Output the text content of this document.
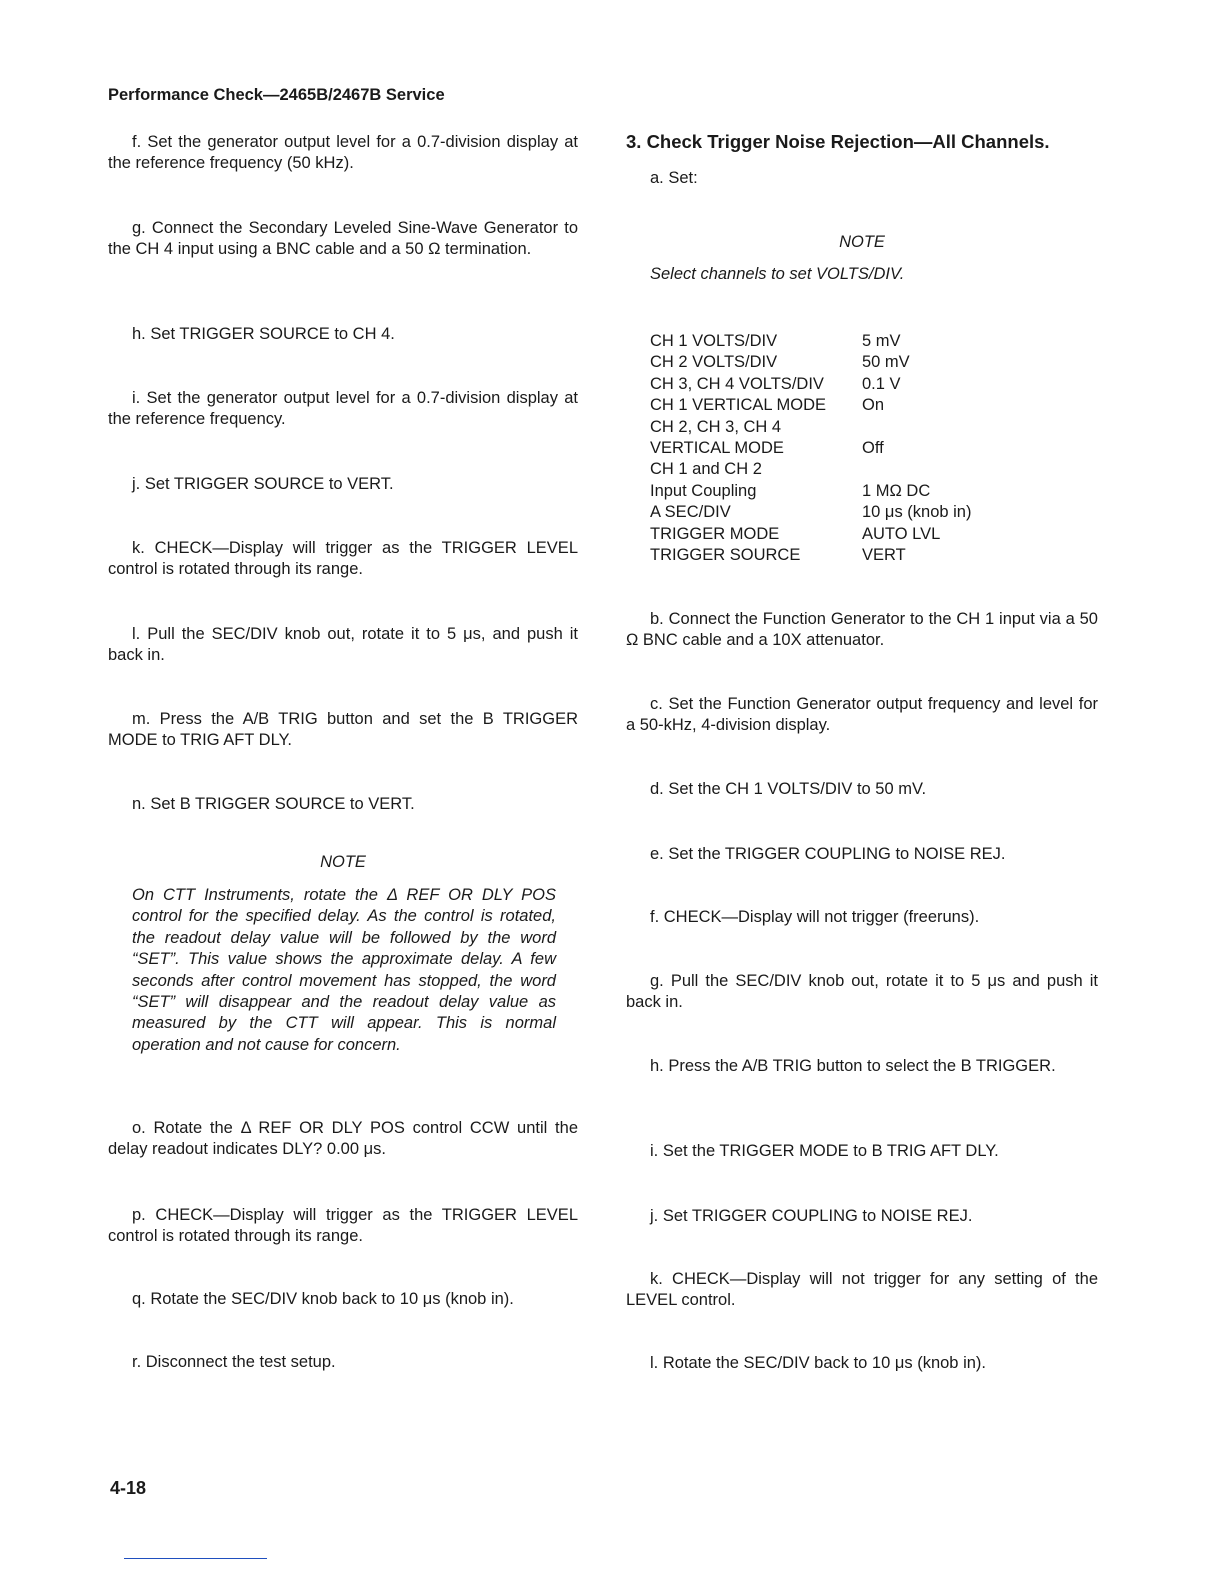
Performance Check—2465B/2467B Service
f. Set the generator output level for a 0.7-division display at the reference frequency (50 kHz).
g. Connect the Secondary Leveled Sine-Wave Generator to the CH 4 input using a BNC cable and a 50 Ω termination.
h. Set TRIGGER SOURCE to CH 4.
i. Set the generator output level for a 0.7-division display at the reference frequency.
j. Set TRIGGER SOURCE to VERT.
k. CHECK—Display will trigger as the TRIGGER LEVEL control is rotated through its range.
l. Pull the SEC/DIV knob out, rotate it to 5 μs, and push it back in.
m. Press the A/B TRIG button and set the B TRIGGER MODE to TRIG AFT DLY.
n. Set B TRIGGER SOURCE to VERT.
NOTE
On CTT Instruments, rotate the Δ REF OR DLY POS control for the specified delay. As the control is rotated, the readout delay value will be followed by the word “SET”. This value shows the approximate delay. A few seconds after control movement has stopped, the word “SET” will disappear and the readout delay value as measured by the CTT will appear. This is normal operation and not cause for concern.
o. Rotate the Δ REF OR DLY POS control CCW until the delay readout indicates DLY? 0.00 μs.
p. CHECK—Display will trigger as the TRIGGER LEVEL control is rotated through its range.
q. Rotate the SEC/DIV knob back to 10 μs (knob in).
r. Disconnect the test setup.
3. Check Trigger Noise Rejection—All Channels.
a. Set:
NOTE
Select channels to set VOLTS/DIV.
CH 1 VOLTS/DIV	5 mV
CH 2 VOLTS/DIV	50 mV
CH 3, CH 4 VOLTS/DIV	0.1 V
CH 1 VERTICAL MODE	On
CH 2, CH 3, CH 4	
VERTICAL MODE	Off
CH 1 and CH 2	
Input Coupling	1 MΩ DC
A SEC/DIV	10 μs (knob in)
TRIGGER MODE	AUTO LVL
TRIGGER SOURCE	VERT
b. Connect the Function Generator to the CH 1 input via a 50 Ω BNC cable and a 10X attenuator.
c. Set the Function Generator output frequency and level for a 50-kHz, 4-division display.
d. Set the CH 1 VOLTS/DIV to 50 mV.
e. Set the TRIGGER COUPLING to NOISE REJ.
f. CHECK—Display will not trigger (freeruns).
g. Pull the SEC/DIV knob out, rotate it to 5 μs and push it back in.
h. Press the A/B TRIG button to select the B TRIGGER.
i. Set the TRIGGER MODE to B TRIG AFT DLY.
j. Set TRIGGER COUPLING to NOISE REJ.
k. CHECK—Display will not trigger for any setting of the LEVEL control.
l. Rotate the SEC/DIV back to 10 μs (knob in).
4-18
